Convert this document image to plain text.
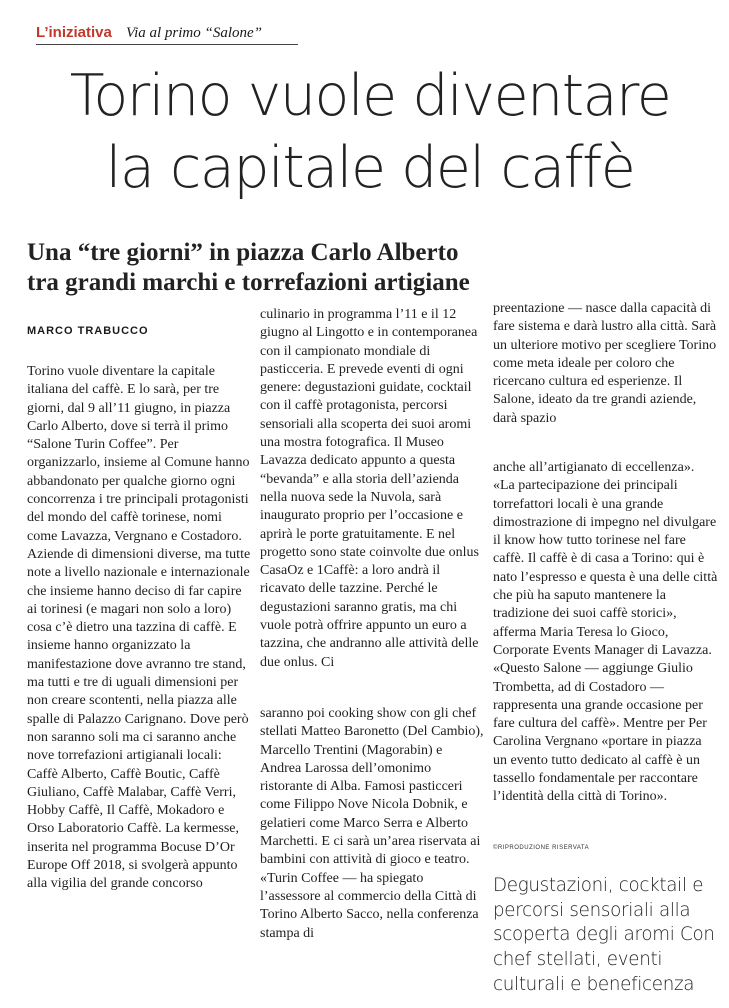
L’iniziativa Via al primo “Salone”
Torino vuole diventare
la capitale del caffè
Una “tre giorni” in piazza Carlo Alberto
tra grandi marchi e torrefazioni artigiane
MARCO TRABUCCO

Torino vuole diventare la capitale italiana del caffè. E lo sarà, per tre giorni, dal 9 all’11 giugno, in piazza Carlo Alberto, dove si terrà il primo “Salone Turin Coffee”. Per organizzarlo, insieme al Comune hanno abbandonato per qualche giorno ogni concorrenza i tre principali protagonisti del mondo del caffè torinese, nomi come Lavazza, Vergnano e Costadoro. Aziende di dimensioni diverse, ma tutte note a livello nazionale e internazionale che insieme hanno deciso di far capire ai torinesi (e magari non solo a loro) cosa c’è dietro una tazzina di caffè. E insieme hanno organizzato la manifestazione dove avranno tre stand, ma tutti e tre di uguali dimensioni per non creare scontenti, nella piazza alle spalle di Palazzo Carignano. Dove però non saranno soli ma ci saranno anche nove torrefazioni artigianali locali: Caffè Alberto, Caffè Boutic, Caffè Giuliano, Caffè Malabar, Caffè Verri, Hobby Caffè, Il Caffè, Mokadoro e Orso Laboratorio Caffè. La kermesse, inserita nel programma Bocuse D’Or Europe Off 2018, si svolgerà appunto alla vigilia del grande concorso

culinario in programma l’11 e il 12 giugno al Lingotto e in contemporanea con il campionato mondiale di pasticceria. E prevede eventi di ogni genere: degustazioni guidate, cocktail con il caffè protagonista, percorsi sensoriali alla scoperta dei suoi aromi una mostra fotografica. Il Museo Lavazza dedicato appunto a questa “bevanda” e alla storia dell’azienda nella nuova sede la Nuvola, sarà inaugurato proprio per l’occasione e aprirà le porte gratuitamente. E nel progetto sono state coinvolte due onlus CasaOz e 1Caffè: a loro andrà il ricavato delle tazzine. Perché le degustazioni saranno gratis, ma chi vuole potrà offrire appunto un euro a tazzina, che andranno alle attività delle due onlus. Ci

saranno poi cooking show con gli chef stellati Matteo Baronetto (Del Cambio), Marcello Trentini (Magorabin) e Andrea Larossa dell’omonimo ristorante di Alba. Famosi pasticceri come Filippo Nove Nicola Dobnik, e gelatieri come Marco Serra e Alberto Marchetti. E ci sarà un’area riservata ai bambini con attività di gioco e teatro. «Turin Coffee — ha spiegato l’assessore al commercio della Città di Torino Alberto Sacco, nella conferenza stampa di

preentazione — nasce dalla capacità di fare sistema e darà lustro alla città. Sarà un ulteriore motivo per scegliere Torino come meta ideale per coloro che ricercano cultura ed esperienze. Il Salone, ideato da tre grandi aziende, darà spazio

anche all’artigianato di eccellenza». «La partecipazione dei principali torrefattori locali è una grande dimostrazione di impegno nel divulgare il know how tutto torinese nel fare caffè. Il caffè è di casa a Torino: qui è nato l’espresso e questa è una delle città che più ha saputo mantenere la tradizione dei suoi caffè storici», afferma Maria Teresa lo Gioco, Corporate Events Manager di Lavazza. «Questo Salone — aggiunge Giulio Trombetta, ad di Costadoro — rappresenta una grande occasione per fare cultura del caffè». Mentre per Per Carolina Vergnano «portare in piazza un evento tutto dedicato al caffè è un tassello fondamentale per raccontare l’identità della città di Torino».

©RIPRODUZIONE RISERVATA

Degustazioni, cocktail e percorsi sensoriali alla scoperta degli aromi Con chef stellati, eventi culturali e beneficenza
